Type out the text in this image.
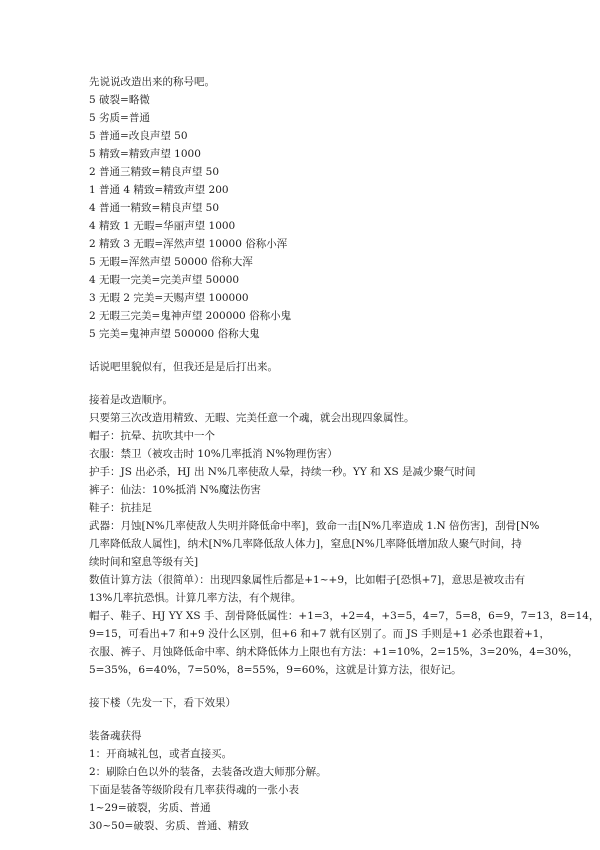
先说说改造出来的称号吧。
5 破裂=略微
5 劣质=普通
5 普通=改良声望 50
5 精致=精致声望 1000
2 普通三精致=精良声望 50
1 普通 4 精致=精致声望 200
4 普通一精致=精良声望 50
4 精致 1 无暇=华丽声望 1000
2 精致 3 无暇=浑然声望 10000 俗称小浑
5 无暇=浑然声望 50000 俗称大浑
4 无暇一完美=完美声望 50000
3 无暇 2 完美=天赐声望 100000
2 无暇三完美=鬼神声望 200000 俗称小鬼
5 完美=鬼神声望 500000 俗称大鬼
话说吧里貌似有，但我还是是后打出来。
接着是改造顺序。
只要第三次改造用精致、无暇、完美任意一个魂，就会出现四象属性。
帽子：抗晕、抗吹其中一个
衣服：禁卫（被攻击时 10%几率抵消 N%物理伤害）
护手：JS 出必杀，HJ 出 N%几率使敌人晕，持续一秒。YY 和 XS 是减少聚气时间
裤子：仙法：10%抵消 N%魔法伤害
鞋子：抗挂足
武器：月蚀[N%几率使敌人失明并降低命中率]，致命一击[N%几率造成 1.N 倍伤害]，刮骨[N%
几率降低敌人属性]，纳术[N%几率降低敌人体力]，窒息[N%几率降低增加敌人聚气时间，持
续时间和窒息等级有关]
数值计算方法（很简单）：出现四象属性后都是+1~+9，比如帽子[恐惧+7]，意思是被攻击有
13%几率抗恐惧。计算几率方法，有个规律。
帽子、鞋子、HJ YY XS 手、刮骨降低属性：+1=3，+2=4，+3=5，4=7，5=8，6=9，7=13，8=14，
9=15，可看出+7 和+9 没什么区别，但+6 和+7 就有区别了。而 JS 手则是+1 必杀也跟着+1，
衣服、裤子、月蚀降低命中率、纳术降低体力上限也有方法：+1=10%，2=15%，3=20%，4=30%，
5=35%，6=40%，7=50%，8=55%，9=60%，这就是计算方法，很好记。
接下楼（先发一下，看下效果）
装备魂获得
1：开商城礼包，或者直接买。
2：刷除白色以外的装备，去装备改造大师那分解。
下面是装备等级阶段有几率获得魂的一张小表
1~29=破裂，劣质、普通
30~50=破裂、劣质、普通、精致
